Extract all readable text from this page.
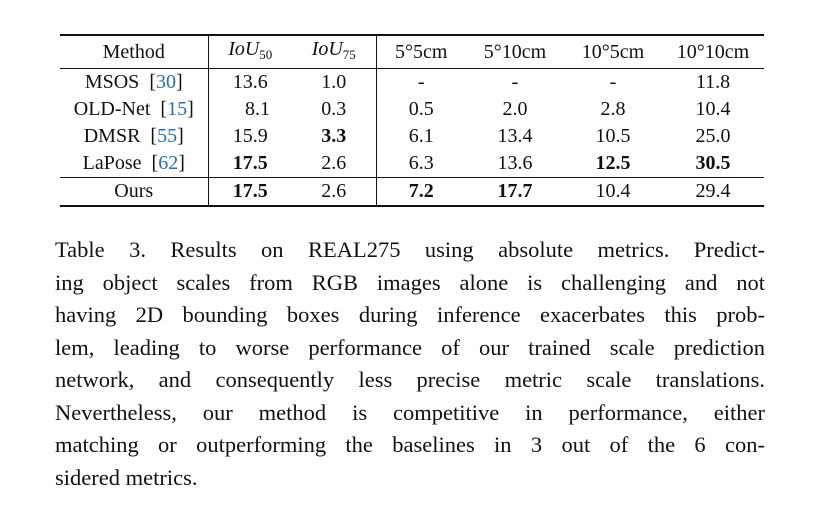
Method	IoU$_{50}$	IoU$_{75}$	5°5cm	5°10cm	10°5cm	10°10cm
MSOS  [30]	13.6	1.0	-	-	-	11.8
OLD-Net  [15]	8.1	0.3	0.5	2.0	2.8	10.4
DMSR  [55]	15.9	3.3	6.1	13.4	10.5	25.0
LaPose  [62]	17.5	2.6	6.3	13.6	12.5	30.5
Ours	17.5	2.6	7.2	17.7	10.4	29.4
Table 3. Results on REAL275 using absolute metrics. Predict-
ing object scales from RGB images alone is challenging and not
having 2D bounding boxes during inference exacerbates this prob-
lem, leading to worse performance of our trained scale prediction
network, and consequently less precise metric scale translations.
Nevertheless, our method is competitive in performance, either
matching or outperforming the baselines in 3 out of the 6 con-
sidered metrics.
